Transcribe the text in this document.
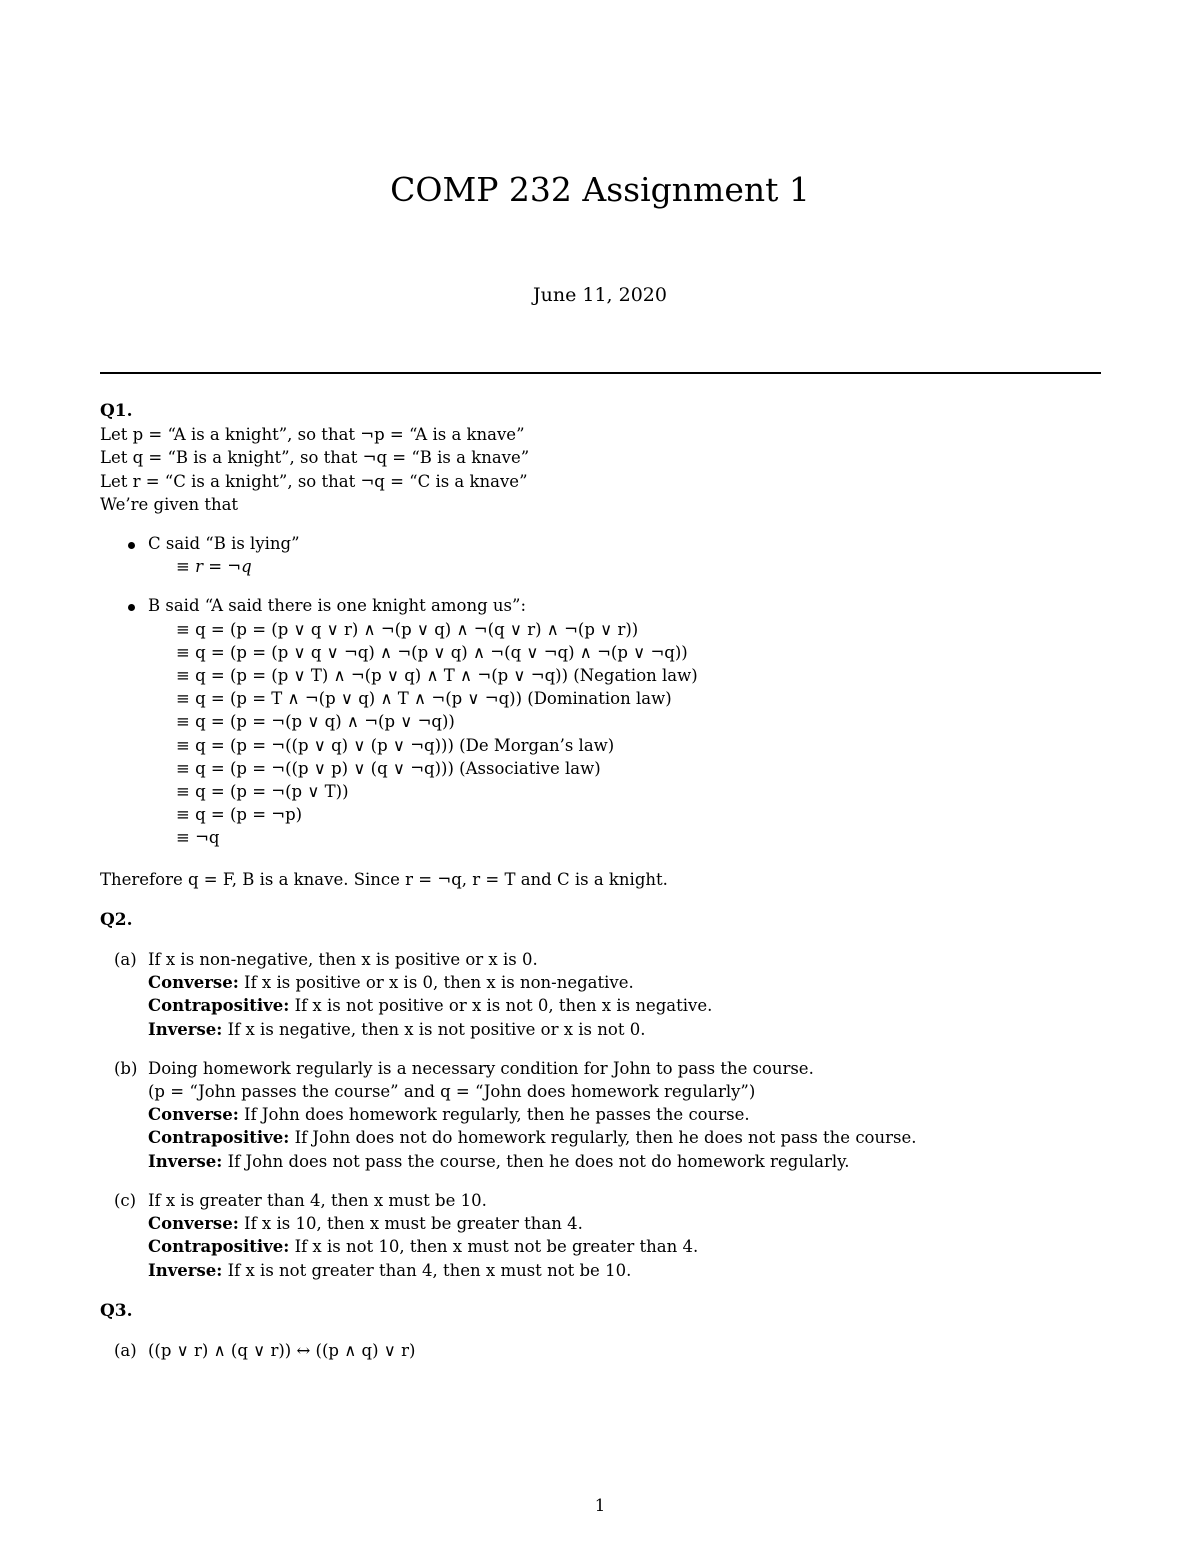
COMP 232 Assignment 1
June 11, 2020
Q1.
Let p = “A is a knight”, so that ¬p = “A is a knave”
Let q = “B is a knight”, so that ¬q = “B is a knave”
Let r = “C is a knight”, so that ¬q = “C is a knave”
We’re given that
C said “B is lying”
≡ r = ¬q
B said “A said there is one knight among us”:
≡ q = (p = (p ∨ q ∨ r) ∧ ¬(p ∨ q) ∧ ¬(q ∨ r) ∧ ¬(p ∨ r))
≡ q = (p = (p ∨ q ∨ ¬q) ∧ ¬(p ∨ q) ∧ ¬(q ∨ ¬q) ∧ ¬(p ∨ ¬q))
≡ q = (p = (p ∨ T) ∧ ¬(p ∨ q) ∧ T ∧ ¬(p ∨ ¬q)) (Negation law)
≡ q = (p = T ∧ ¬(p ∨ q) ∧ T ∧ ¬(p ∨ ¬q)) (Domination law)
≡ q = (p = ¬(p ∨ q) ∧ ¬(p ∨ ¬q))
≡ q = (p = ¬((p ∨ q) ∨ (p ∨ ¬q))) (De Morgan’s law)
≡ q = (p = ¬((p ∨ p) ∨ (q ∨ ¬q))) (Associative law)
≡ q = (p = ¬(p ∨ T))
≡ q = (p = ¬p)
≡ ¬q
Therefore q = F, B is a knave. Since r = ¬q, r = T and C is a knight.
Q2.
(a) If x is non-negative, then x is positive or x is 0.
Converse: If x is positive or x is 0, then x is non-negative.
Contrapositive: If x is not positive or x is not 0, then x is negative.
Inverse: If x is negative, then x is not positive or x is not 0.
(b) Doing homework regularly is a necessary condition for John to pass the course.
(p = “John passes the course” and q = “John does homework regularly”)
Converse: If John does homework regularly, then he passes the course.
Contrapositive: If John does not do homework regularly, then he does not pass the course.
Inverse: If John does not pass the course, then he does not do homework regularly.
(c) If x is greater than 4, then x must be 10.
Converse: If x is 10, then x must be greater than 4.
Contrapositive: If x is not 10, then x must not be greater than 4.
Inverse: If x is not greater than 4, then x must not be 10.
Q3.
(a) ((p ∨ r) ∧ (q ∨ r)) ↔ ((p ∧ q) ∨ r)
1
